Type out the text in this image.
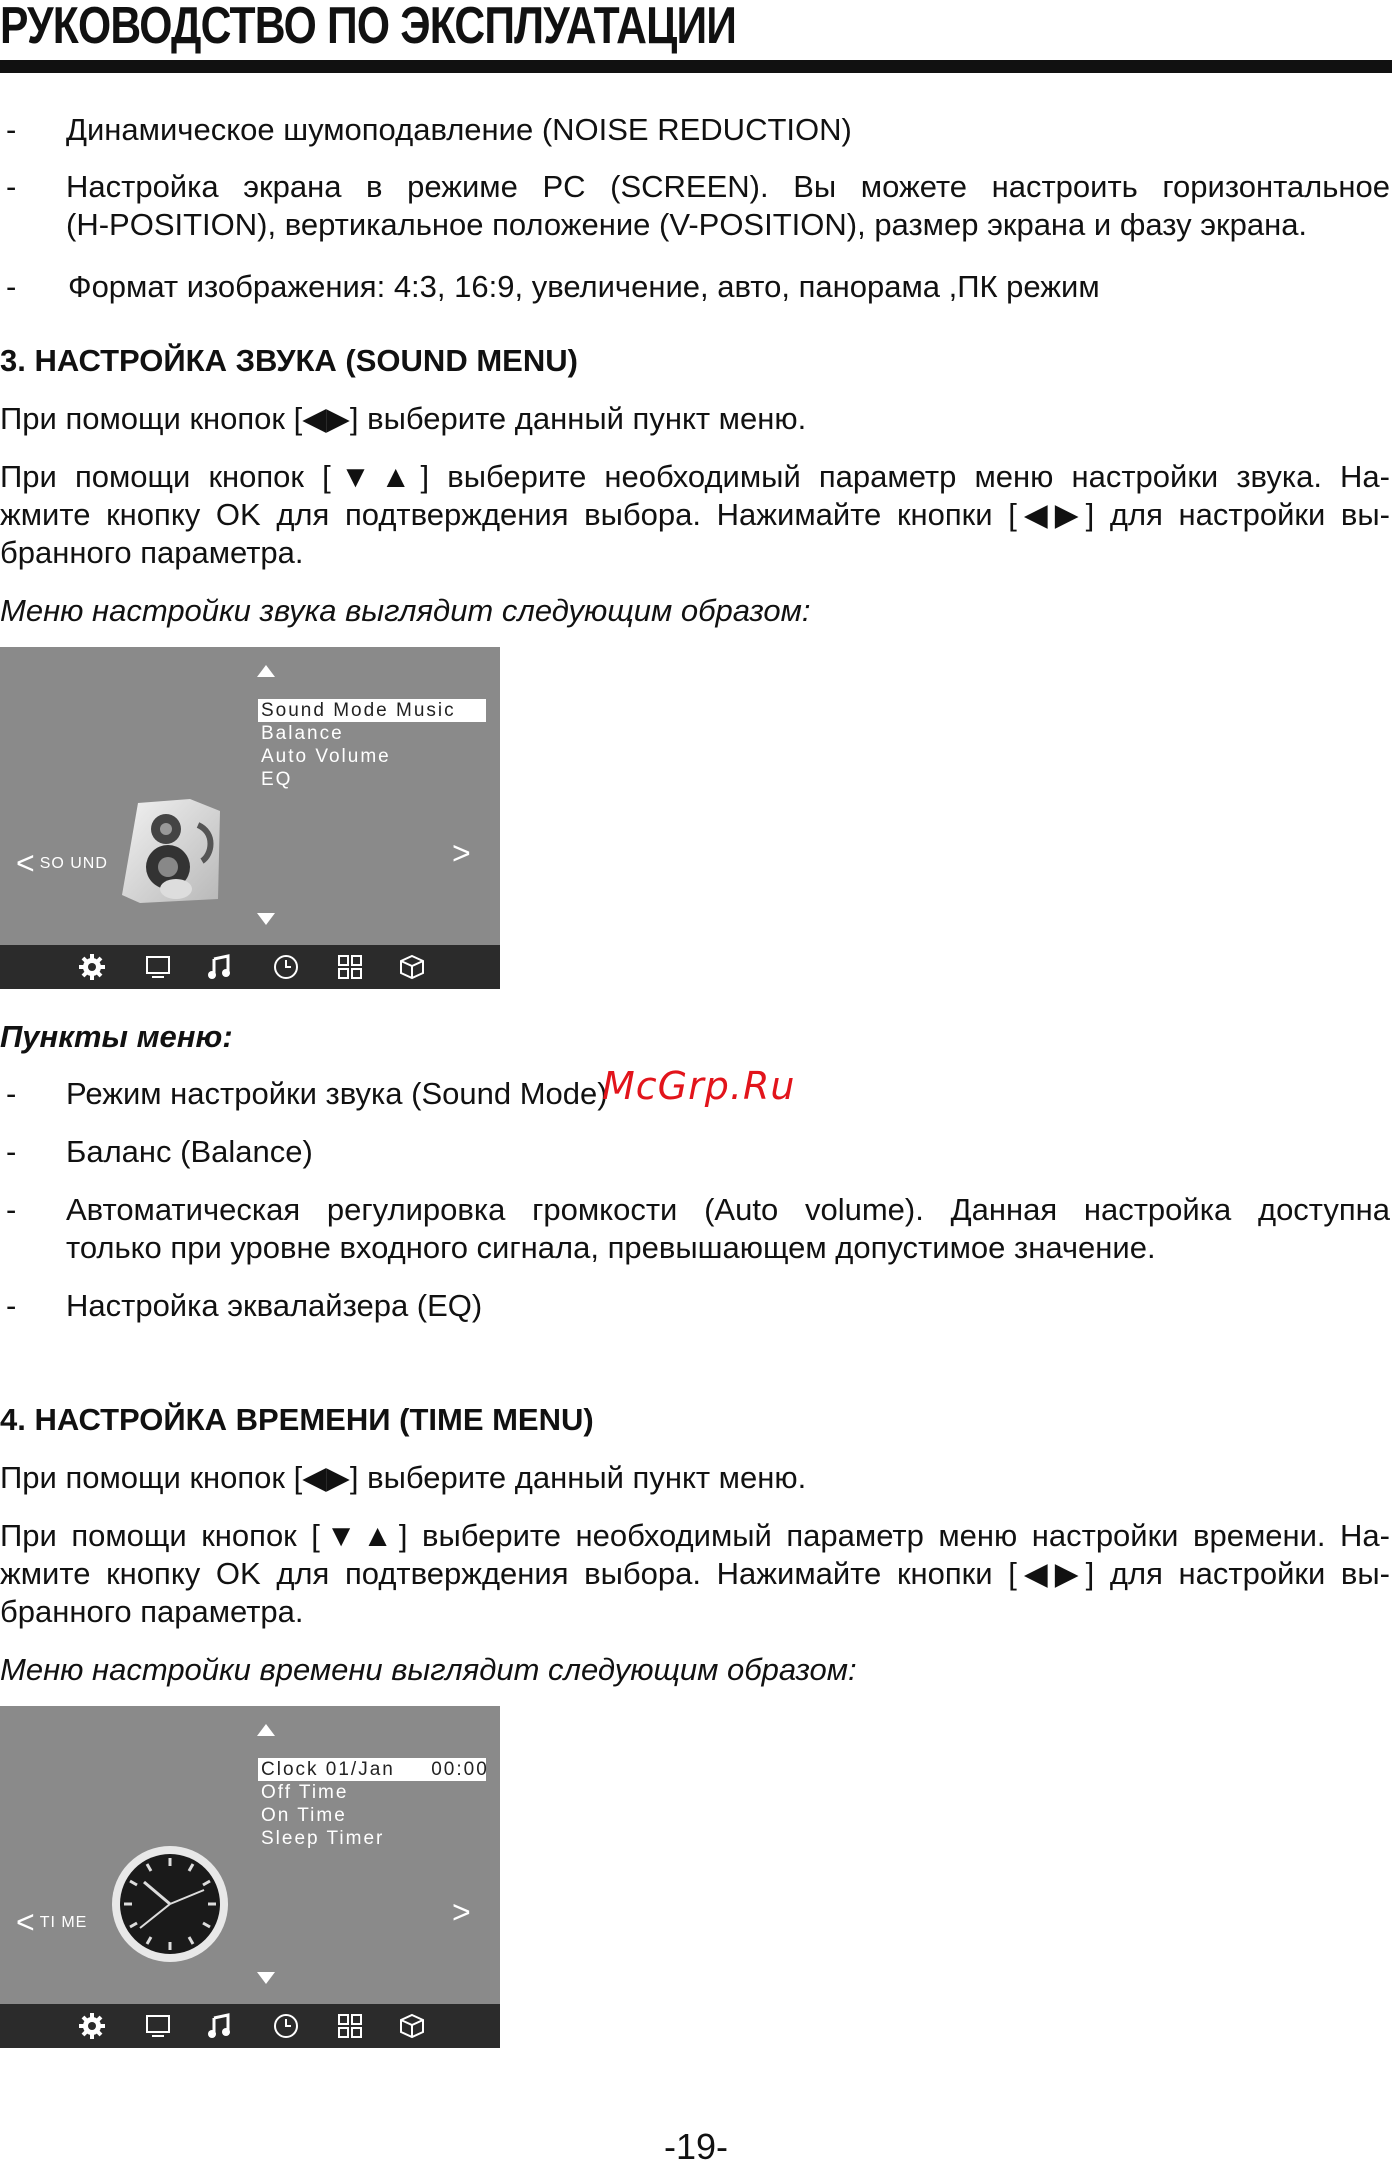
РУКОВОДСТВО ПО ЭКСПЛУАТАЦИИ
- Динамическое шумоподавление (NOISE REDUCTION)
- Настройка экрана в режиме PC (SCREEN). Вы можете настроить горизонтальное
(H-POSITION), вертикальное положение (V-POSITION), размер экрана и фазу экрана.
- Формат изображения: 4:3, 16:9, увеличение, авто, панорама ,ПК режим
3. НАСТРОЙКА ЗВУКА (SOUND MENU)
При помощи кнопок [◀▶] выберите данный пункт меню.
При помощи кнопок [▼▲] выберите необходимый параметр меню настройки звука. На-
жмите кнопку OK для подтверждения выбора. Нажимайте кнопки [◀▶] для настройки вы-
бранного параметра.
Меню настройки звука выглядит следующим образом:
Sound Mode Music
Balance
Auto Volume
EQ
< SO UND	>
Пункты меню:
- Режим настройки звука (Sound Mode)
McGrp.Ru
- Баланс (Balance)
- Автоматическая регулировка громкости (Auto volume). Данная настройка доступна
только при уровне входного сигнала, превышающем допустимое значение.
- Настройка эквалайзера (EQ)
4. НАСТРОЙКА ВРЕМЕНИ (TIME MENU)
При помощи кнопок [◀▶] выберите данный пункт меню.
При помощи кнопок [▼▲] выберите необходимый параметр меню настройки времени. На-
жмите кнопку OK для подтверждения выбора. Нажимайте кнопки [◀▶] для настройки вы-
бранного параметра.
Меню настройки времени выглядит следующим образом:
Clock 01/Jan     00:00
Off Time
On Time
Sleep Timer
< TI ME	>
-19-
